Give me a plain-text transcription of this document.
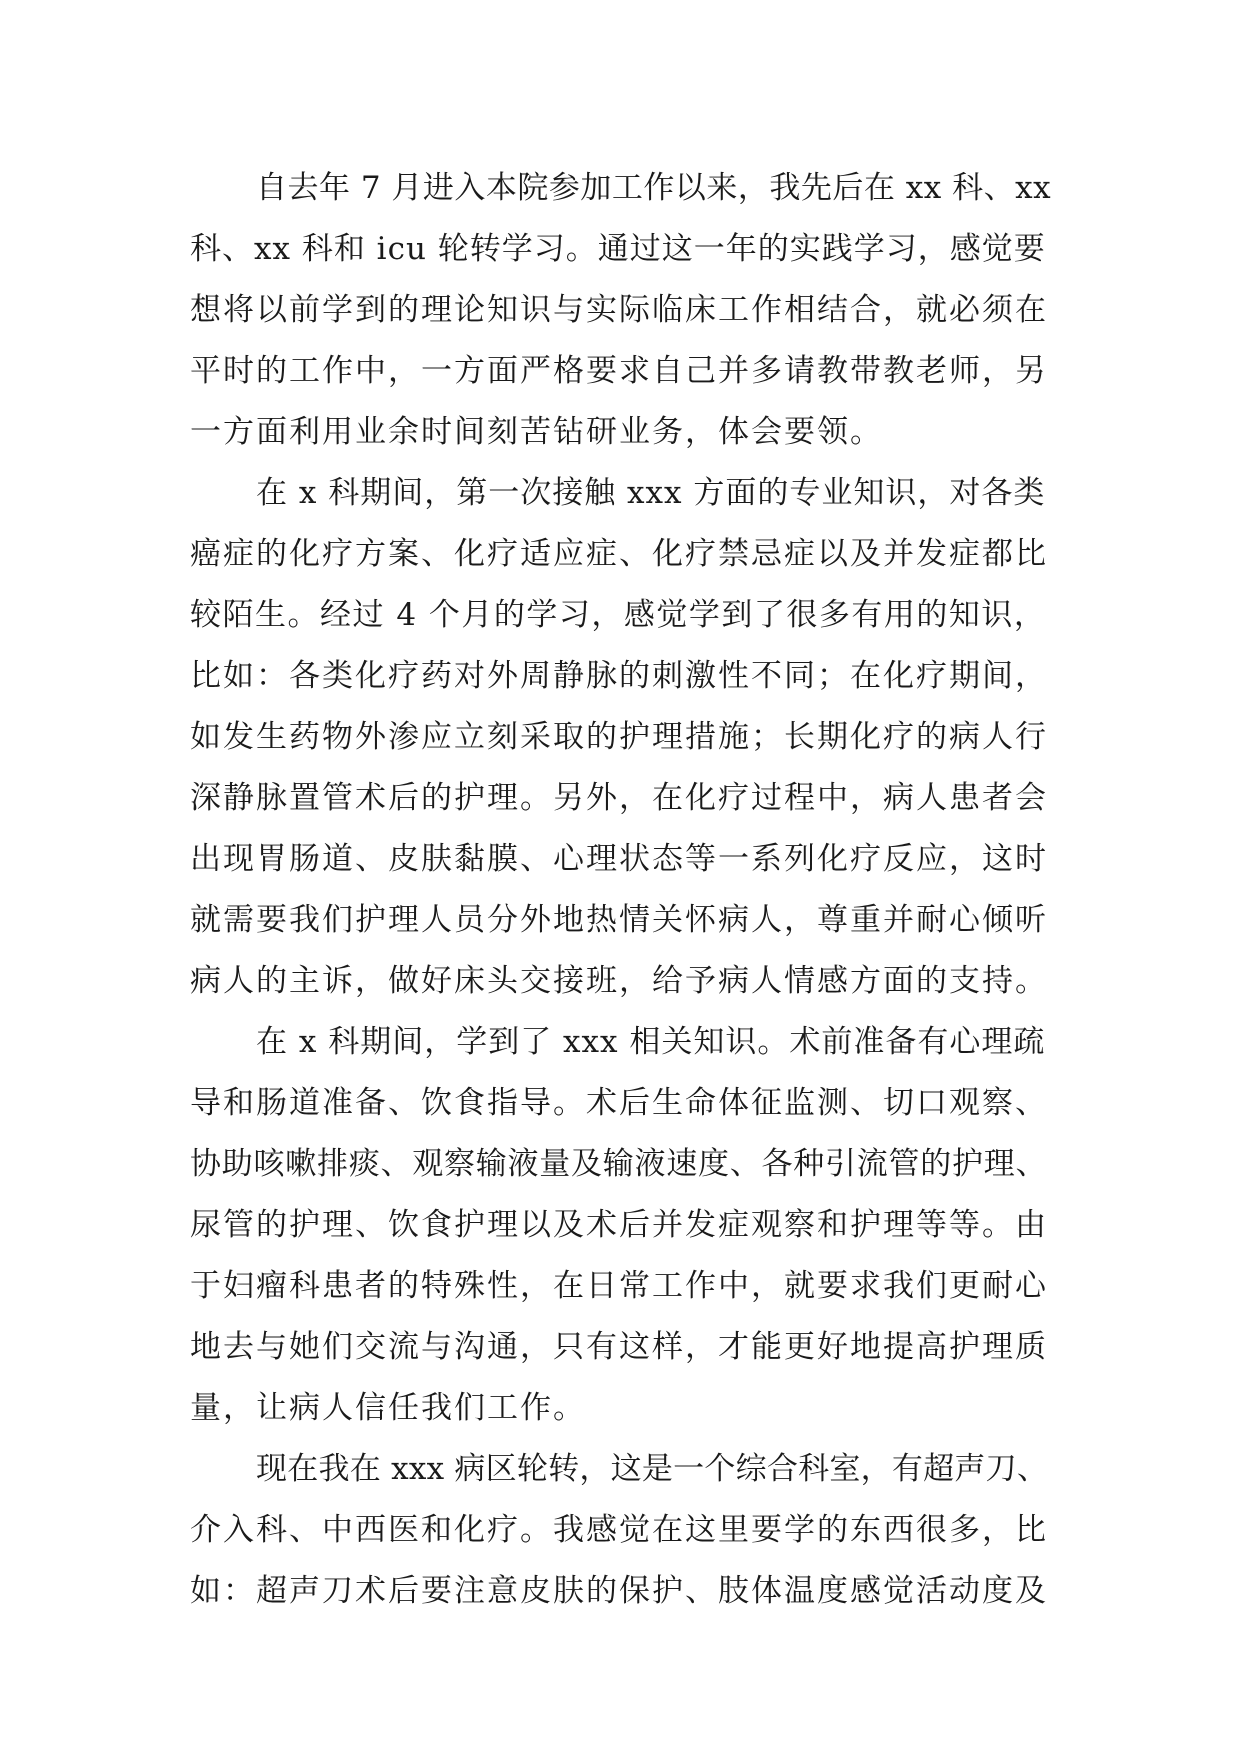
自去年 7 月进入本院参加工作以来，我先后在 xx 科、xx
科、xx 科和 icu 轮转学习。通过这一年的实践学习，感觉要
想将以前学到的理论知识与实际临床工作相结合，就必须在
平时的工作中，一方面严格要求自己并多请教带教老师，另
一方面利用业余时间刻苦钻研业务，体会要领。

在 x 科期间，第一次接触 xxx 方面的专业知识，对各类
癌症的化疗方案、化疗适应症、化疗禁忌症以及并发症都比
较陌生。经过 4 个月的学习，感觉学到了很多有用的知识，
比如：各类化疗药对外周静脉的刺激性不同；在化疗期间，
如发生药物外渗应立刻采取的护理措施；长期化疗的病人行
深静脉置管术后的护理。另外，在化疗过程中，病人患者会
出现胃肠道、皮肤黏膜、心理状态等一系列化疗反应，这时
就需要我们护理人员分外地热情关怀病人，尊重并耐心倾听
病人的主诉，做好床头交接班，给予病人情感方面的支持。

在 x 科期间，学到了 xxx 相关知识。术前准备有心理疏
导和肠道准备、饮食指导。术后生命体征监测、切口观察、
协助咳嗽排痰、观察输液量及输液速度、各种引流管的护理、
尿管的护理、饮食护理以及术后并发症观察和护理等等。由
于妇瘤科患者的特殊性，在日常工作中，就要求我们更耐心
地去与她们交流与沟通，只有这样，才能更好地提高护理质
量，让病人信任我们工作。

现在我在 xxx 病区轮转，这是一个综合科室，有超声刀、
介入科、中西医和化疗。我感觉在这里要学的东西很多，比
如：超声刀术后要注意皮肤的保护、肢体温度感觉活动度及
